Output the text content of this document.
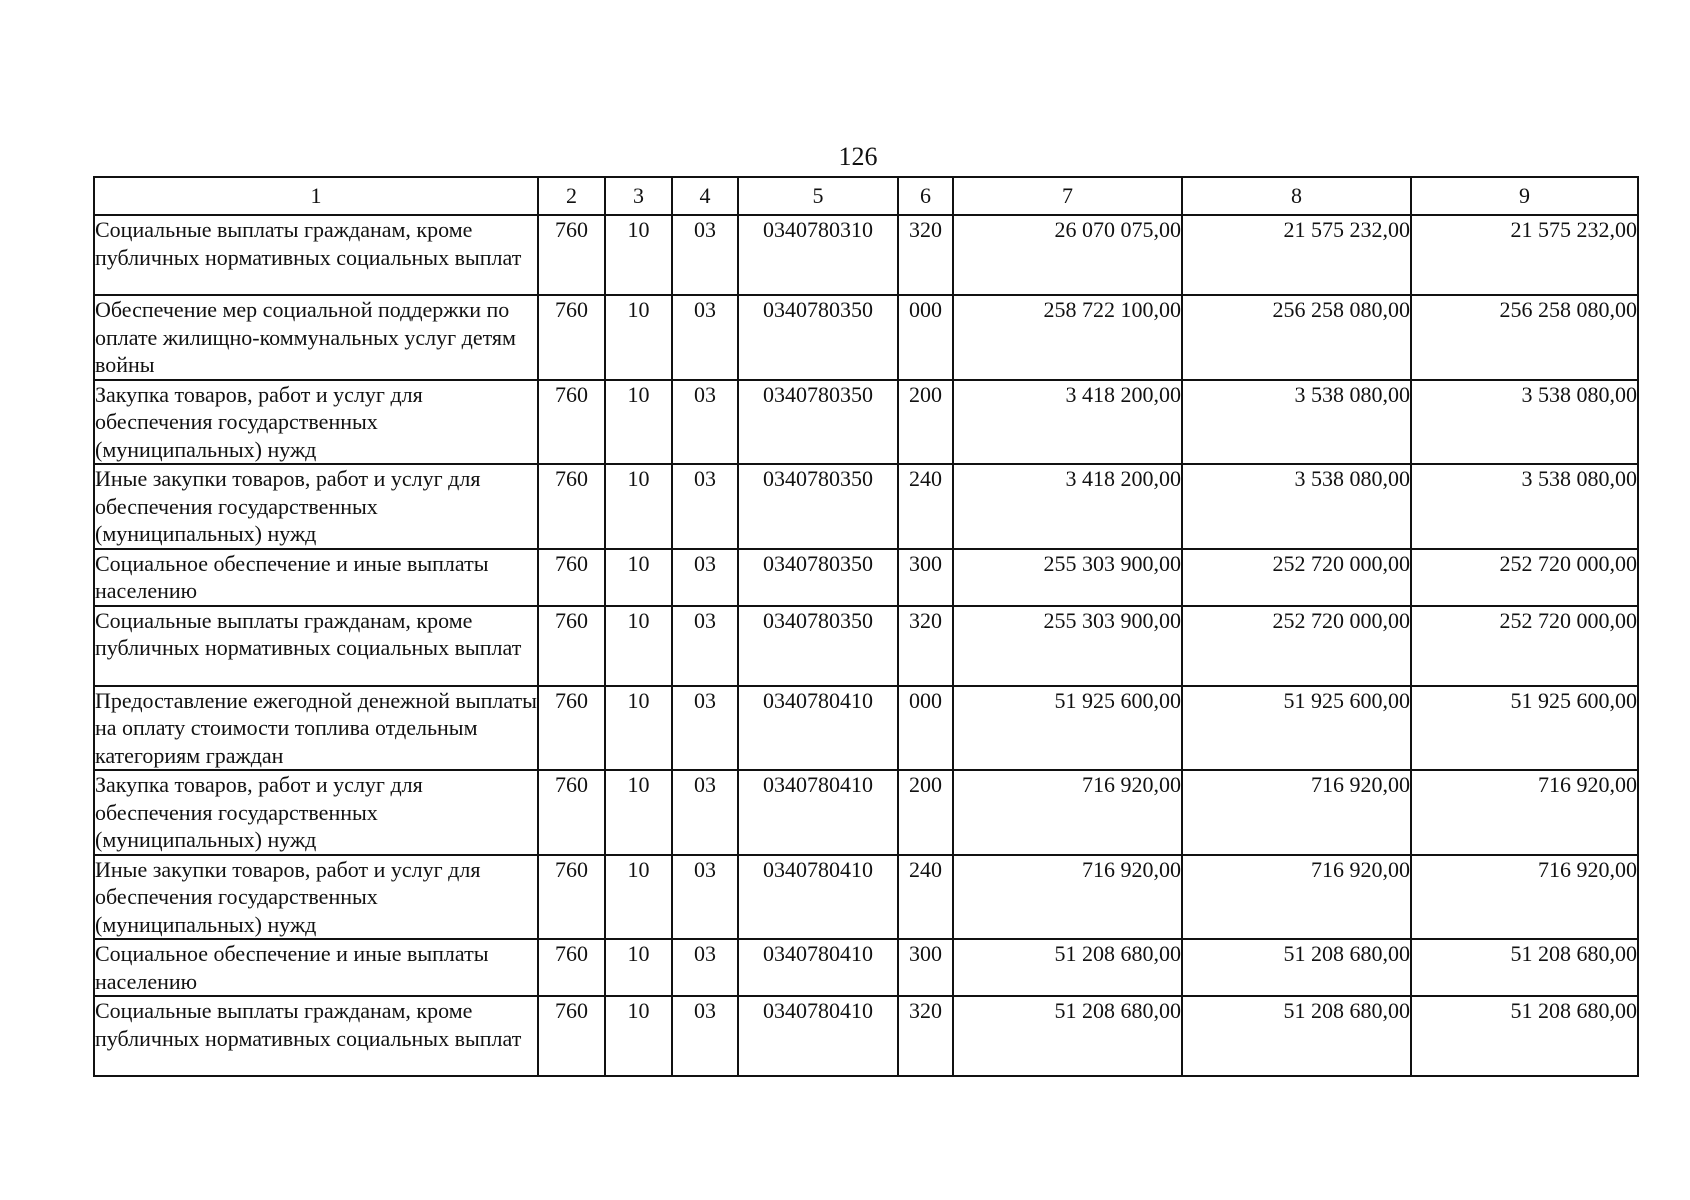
126
1	2	3	4	5	6	7	8	9
Социальные выплаты гражданам, кроме публичных нормативных социальных выплат	760	10	03	0340780310	320	26 070 075,00	21 575 232,00	21 575 232,00
Обеспечение мер социальной поддержки по оплате жилищно-коммунальных услуг детям войны	760	10	03	0340780350	000	258 722 100,00	256 258 080,00	256 258 080,00
Закупка товаров, работ и услуг для обеспечения государственных (муниципальных) нужд	760	10	03	0340780350	200	3 418 200,00	3 538 080,00	3 538 080,00
Иные закупки товаров, работ и услуг для обеспечения государственных (муниципальных) нужд	760	10	03	0340780350	240	3 418 200,00	3 538 080,00	3 538 080,00
Социальное обеспечение и иные выплаты населению	760	10	03	0340780350	300	255 303 900,00	252 720 000,00	252 720 000,00
Социальные выплаты гражданам, кроме публичных нормативных социальных выплат	760	10	03	0340780350	320	255 303 900,00	252 720 000,00	252 720 000,00
Предоставление ежегодной денежной выплаты на оплату стоимости топлива отдельным категориям граждан	760	10	03	0340780410	000	51 925 600,00	51 925 600,00	51 925 600,00
Закупка товаров, работ и услуг для обеспечения государственных (муниципальных) нужд	760	10	03	0340780410	200	716 920,00	716 920,00	716 920,00
Иные закупки товаров, работ и услуг для обеспечения государственных (муниципальных) нужд	760	10	03	0340780410	240	716 920,00	716 920,00	716 920,00
Социальное обеспечение и иные выплаты населению	760	10	03	0340780410	300	51 208 680,00	51 208 680,00	51 208 680,00
Социальные выплаты гражданам, кроме публичных нормативных социальных выплат	760	10	03	0340780410	320	51 208 680,00	51 208 680,00	51 208 680,00
